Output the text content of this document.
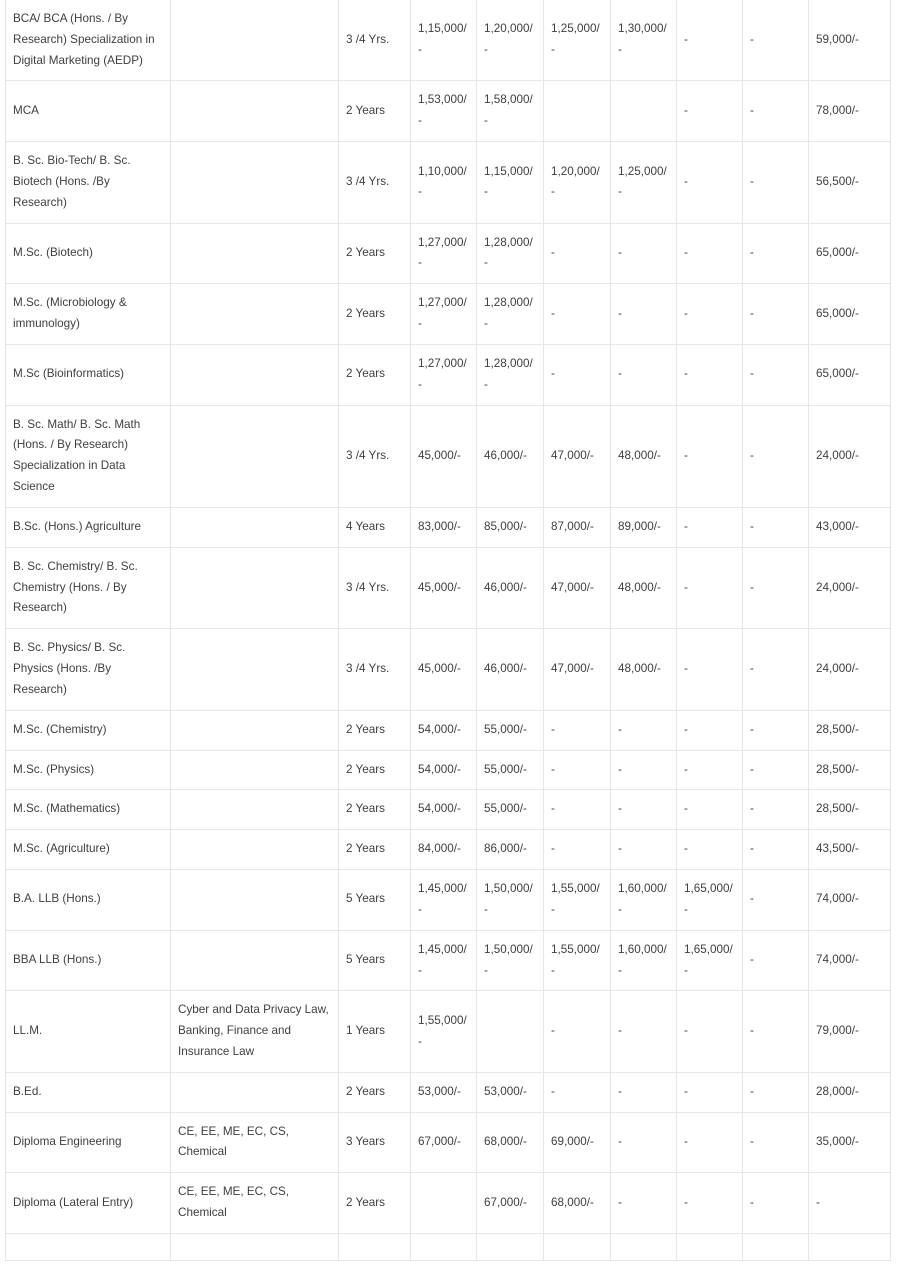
BCA/ BCA (Hons. / By Research) Specialization in Digital Marketing (AEDP)		3 /4 Yrs.	1,15,000/-	1,20,000/-	1,25,000/-	1,30,000/-	-	-	59,000/-
MCA		2 Years	1,53,000/-	1,58,000/-			-	-	78,000/-
B. Sc. Bio-Tech/ B. Sc. Biotech (Hons. /By Research)		3 /4 Yrs.	1,10,000/-	1,15,000/-	1,20,000/-	1,25,000/-	-	-	56,500/-
M.Sc. (Biotech)		2 Years	1,27,000/-	1,28,000/-	-	-	-	-	65,000/-
M.Sc. (Microbiology & immunology)		2 Years	1,27,000/-	1,28,000/-	-	-	-	-	65,000/-
M.Sc (Bioinformatics)		2 Years	1,27,000/-	1,28,000/-	-	-	-	-	65,000/-
B. Sc. Math/ B. Sc. Math (Hons. / By Research) Specialization in Data Science		3 /4 Yrs.	45,000/-	46,000/-	47,000/-	48,000/-	-	-	24,000/-
B.Sc. (Hons.) Agriculture		4 Years	83,000/-	85,000/-	87,000/-	89,000/-	-	-	43,000/-
B. Sc. Chemistry/ B. Sc. Chemistry (Hons. / By Research)		3 /4 Yrs.	45,000/-	46,000/-	47,000/-	48,000/-	-	-	24,000/-
B. Sc. Physics/ B. Sc. Physics (Hons. /By Research)		3 /4 Yrs.	45,000/-	46,000/-	47,000/-	48,000/-	-	-	24,000/-
M.Sc. (Chemistry)		2 Years	54,000/-	55,000/-	-	-	-	-	28,500/-
M.Sc. (Physics)		2 Years	54,000/-	55,000/-	-	-	-	-	28,500/-
M.Sc. (Mathematics)		2 Years	54,000/-	55,000/-	-	-	-	-	28,500/-
M.Sc. (Agriculture)		2 Years	84,000/-	86,000/-	-	-	-	-	43,500/-
B.A. LLB (Hons.)		5 Years	1,45,000/-	1,50,000/-	1,55,000/-	1,60,000/-	1,65,000/-	-	74,000/-
BBA LLB (Hons.)		5 Years	1,45,000/-	1,50,000/-	1,55,000/-	1,60,000/-	1,65,000/-	-	74,000/-
LL.M.	Cyber and Data Privacy Law, Banking, Finance and Insurance Law	1 Years	1,55,000/-		-	-	-	-	79,000/-
B.Ed.		2 Years	53,000/-	53,000/-	-	-	-	-	28,000/-
Diploma Engineering	CE, EE, ME, EC, CS, Chemical	3 Years	67,000/-	68,000/-	69,000/-	-	-	-	35,000/-
Diploma (Lateral Entry)	CE, EE, ME, EC, CS, Chemical	2 Years		67,000/-	68,000/-	-	-	-	-
